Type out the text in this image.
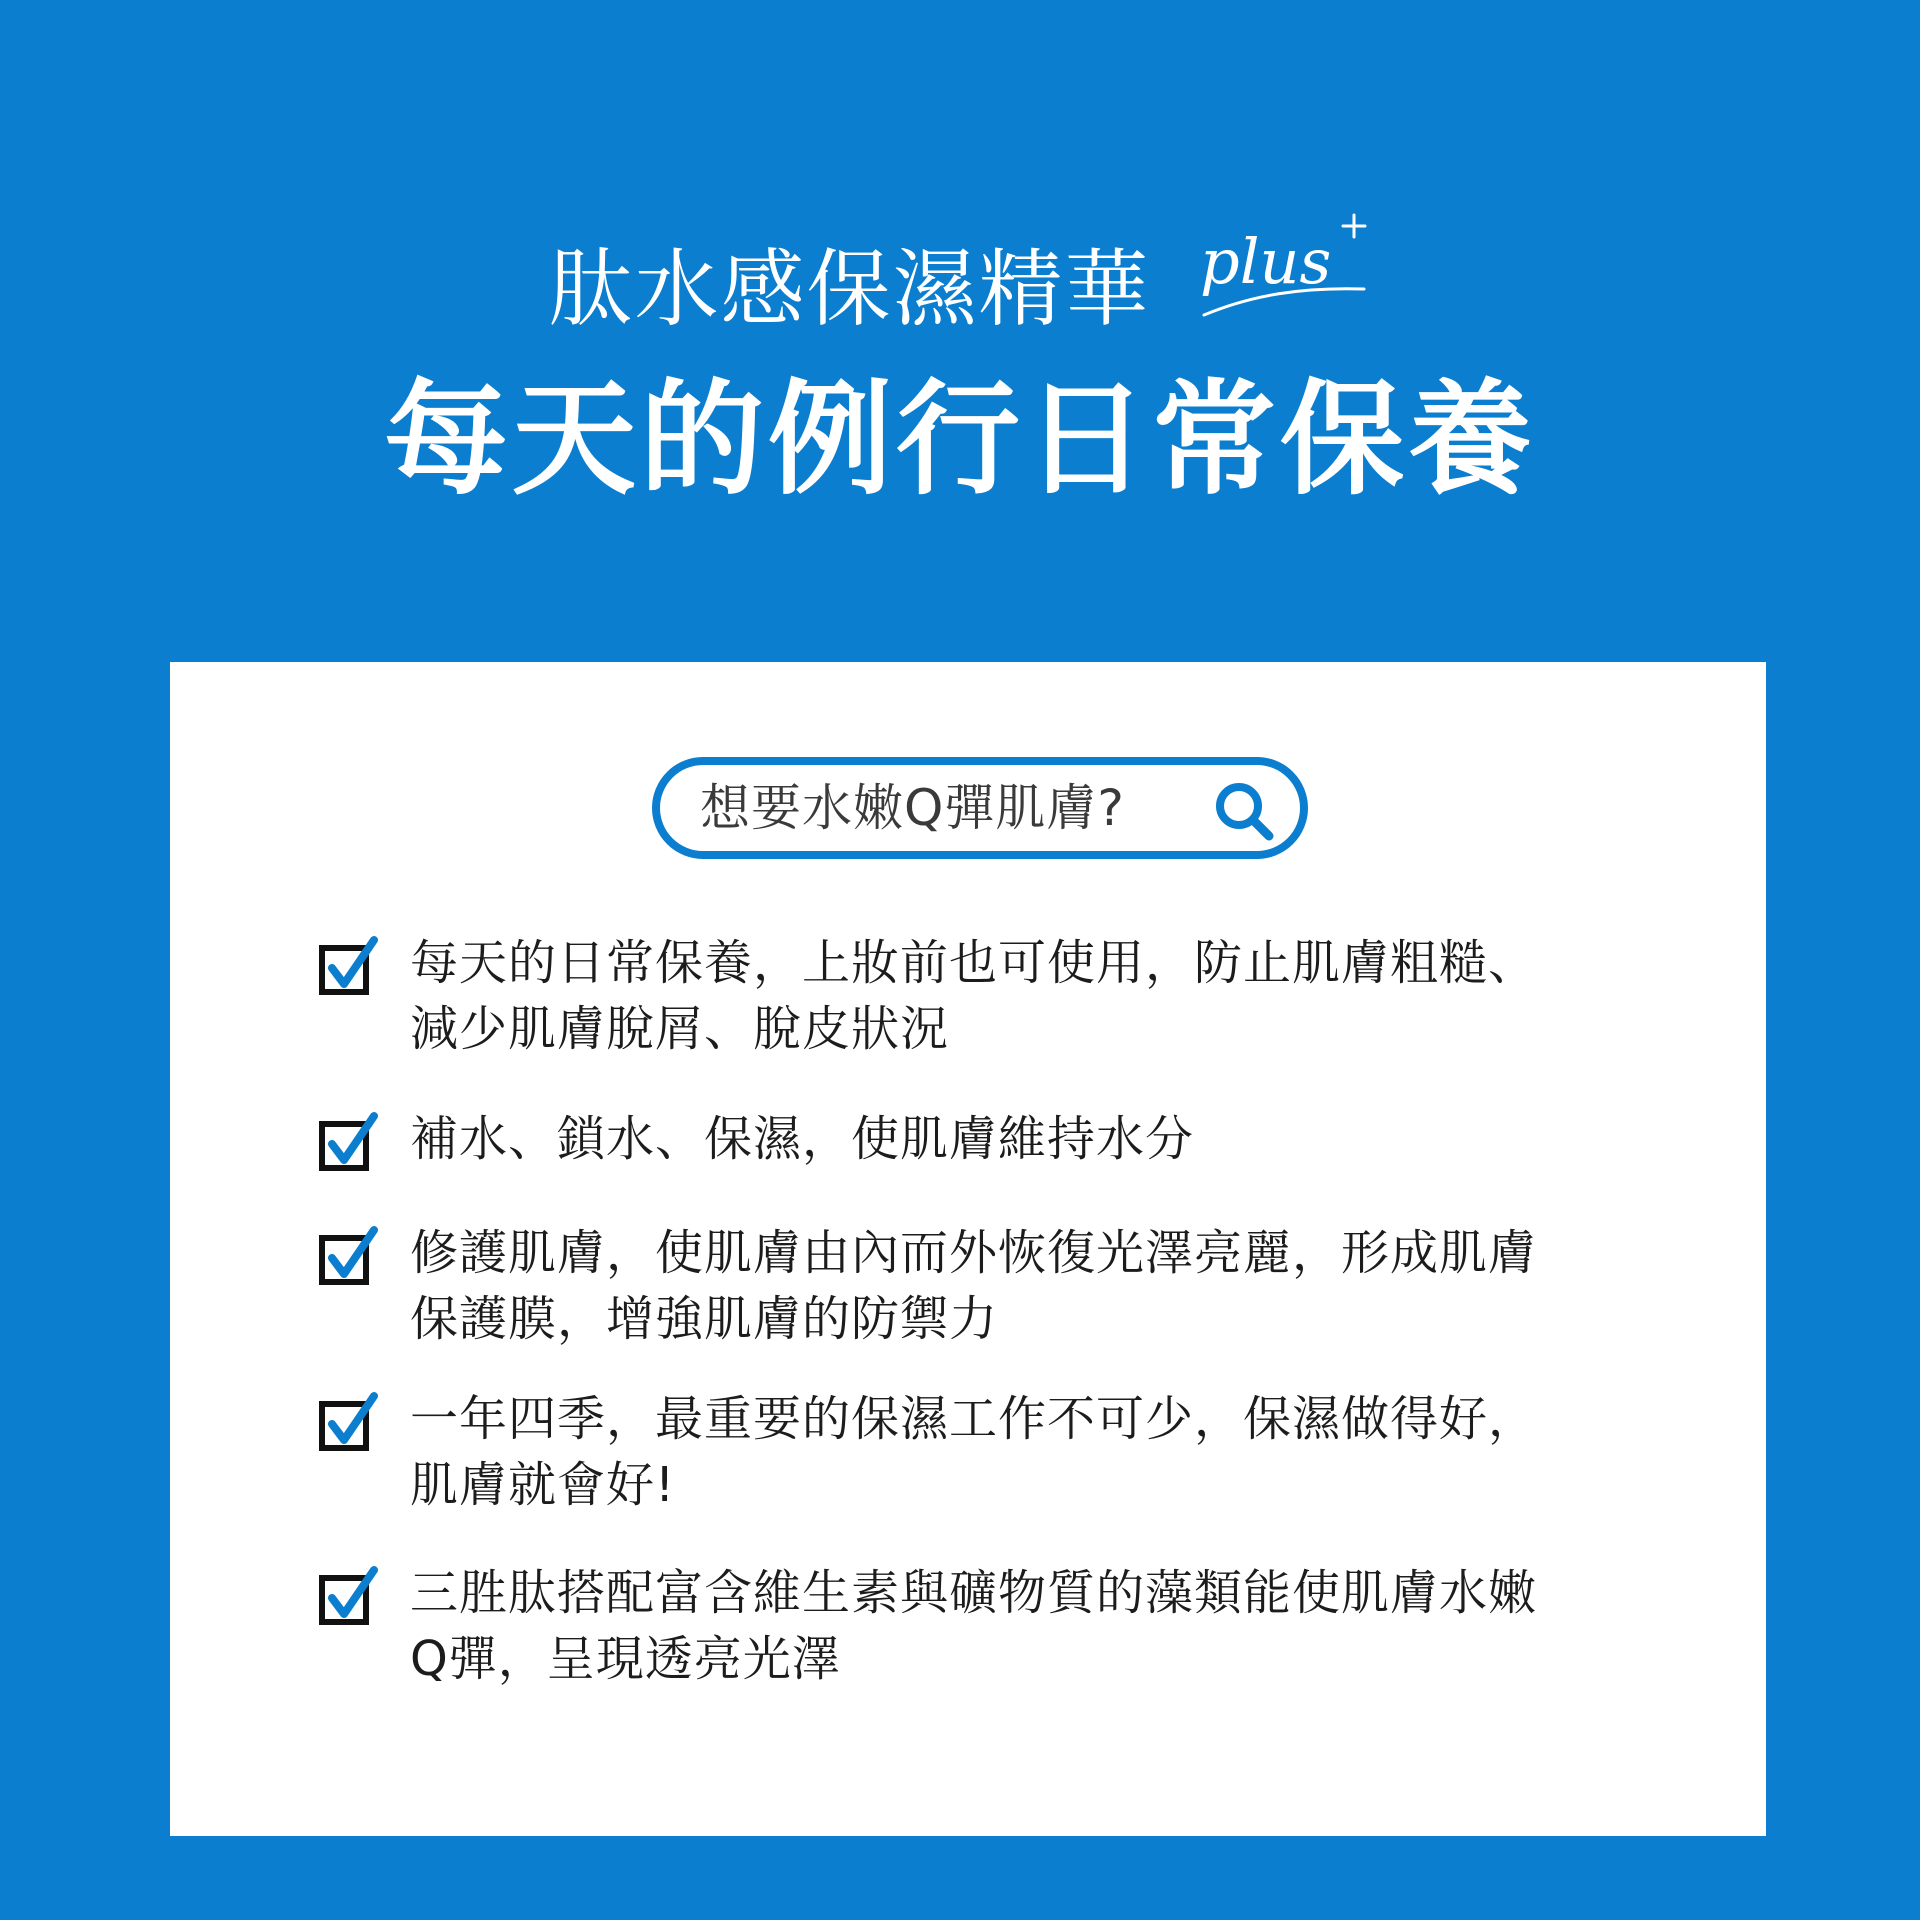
肽水感保濕精華 plus
每天的例行日常保養
想要水嫩Q彈肌膚?
每天的日常保養，上妝前也可使用，防止肌膚粗糙、
減少肌膚脫屑、脫皮狀況
補水、鎖水、保濕，使肌膚維持水分
修護肌膚，使肌膚由內而外恢復光澤亮麗，形成肌膚
保護膜，增強肌膚的防禦力
一年四季，最重要的保濕工作不可少，保濕做得好，
肌膚就會好!
三胜肽搭配富含維生素與礦物質的藻類能使肌膚水嫩
Q彈，呈現透亮光澤
